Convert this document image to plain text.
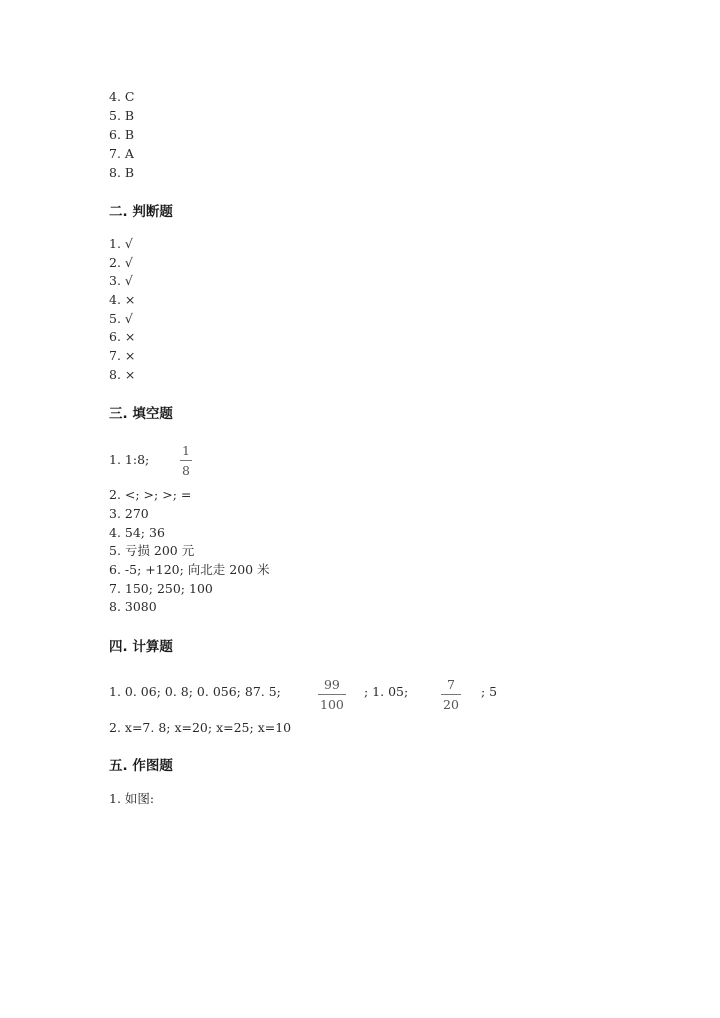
4. C
5. B
6. B
7. A
8. B
二. 判断题
1. √
2. √
3. √
4. ×
5. √
6. ×
7. ×
8. ×
三. 填空题
1. 1:8;
1
8
2. <; >; >; =
3. 270
4. 54; 36
5. 亏损 200 元
6. -5; +120; 向北走 200 米
7. 150; 250; 100
8. 3080
四. 计算题
1. 0. 06; 0. 8; 0. 056; 87. 5;	99
100
; 1. 05;	7
20
; 5
2. x=7. 8; x=20; x=25; x=10
五. 作图题
1. 如图:
